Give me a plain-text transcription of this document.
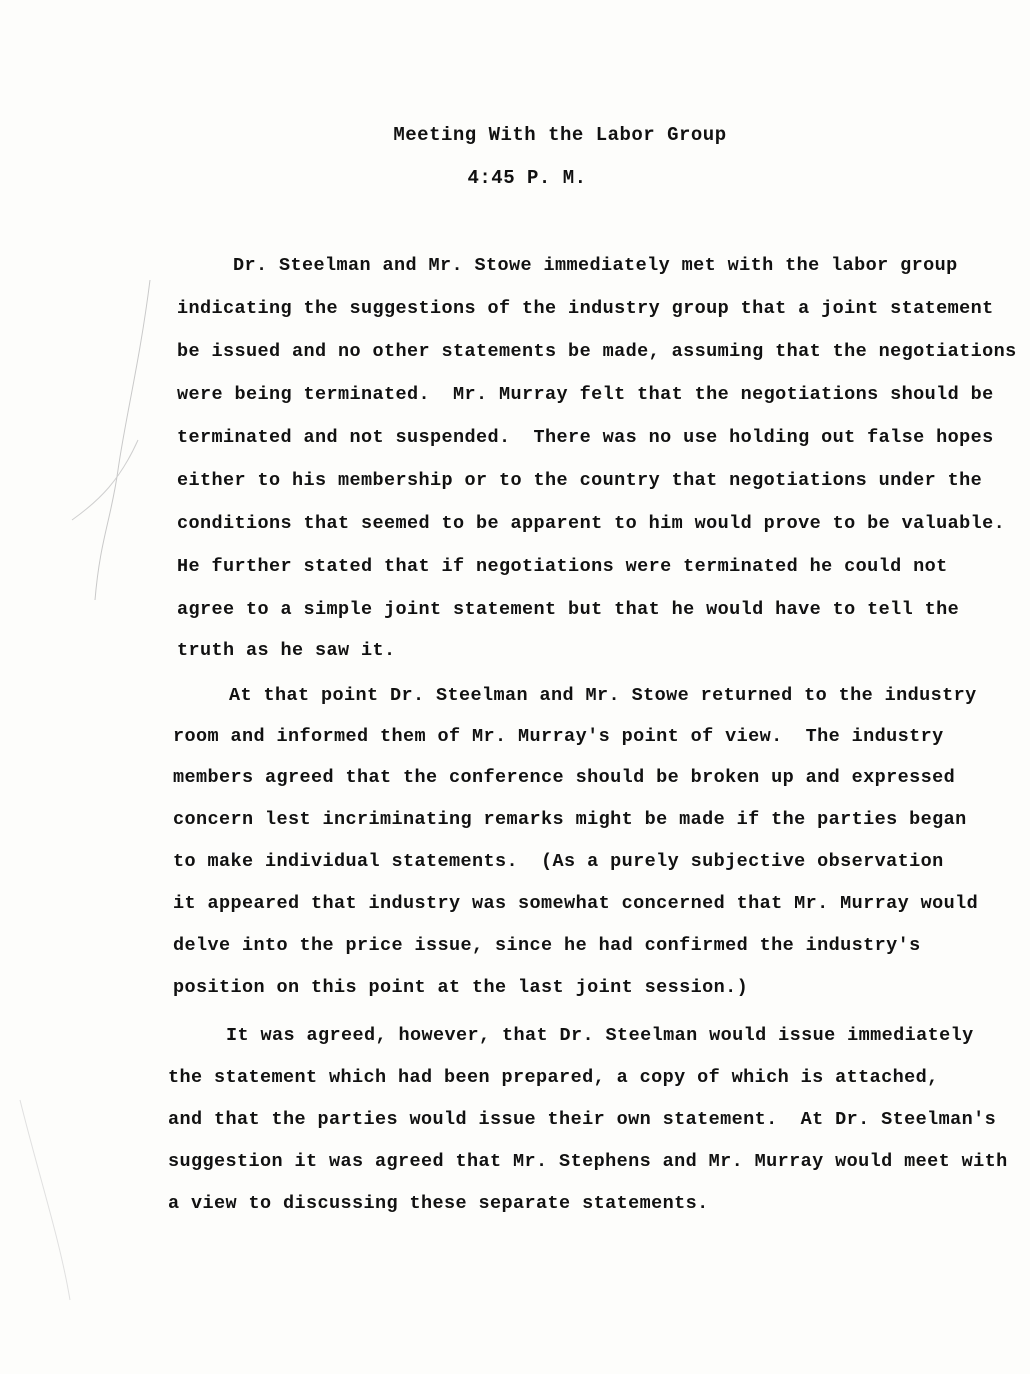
Meeting With the Labor Group
4:45 P. M.
Dr. Steelman and Mr. Stowe immediately met with the labor group
indicating the suggestions of the industry group that a joint statement
be issued and no other statements be made, assuming that the negotiations
were being terminated.  Mr. Murray felt that the negotiations should be
terminated and not suspended.  There was no use holding out false hopes
either to his membership or to the country that negotiations under the
conditions that seemed to be apparent to him would prove to be valuable.
He further stated that if negotiations were terminated he could not
agree to a simple joint statement but that he would have to tell the
truth as he saw it.
At that point Dr. Steelman and Mr. Stowe returned to the industry
room and informed them of Mr. Murray's point of view.  The industry
members agreed that the conference should be broken up and expressed
concern lest incriminating remarks might be made if the parties began
to make individual statements.  (As a purely subjective observation
it appeared that industry was somewhat concerned that Mr. Murray would
delve into the price issue, since he had confirmed the industry's
position on this point at the last joint session.)
It was agreed, however, that Dr. Steelman would issue immediately
the statement which had been prepared, a copy of which is attached,
and that the parties would issue their own statement.  At Dr. Steelman's
suggestion it was agreed that Mr. Stephens and Mr. Murray would meet with
a view to discussing these separate statements.
